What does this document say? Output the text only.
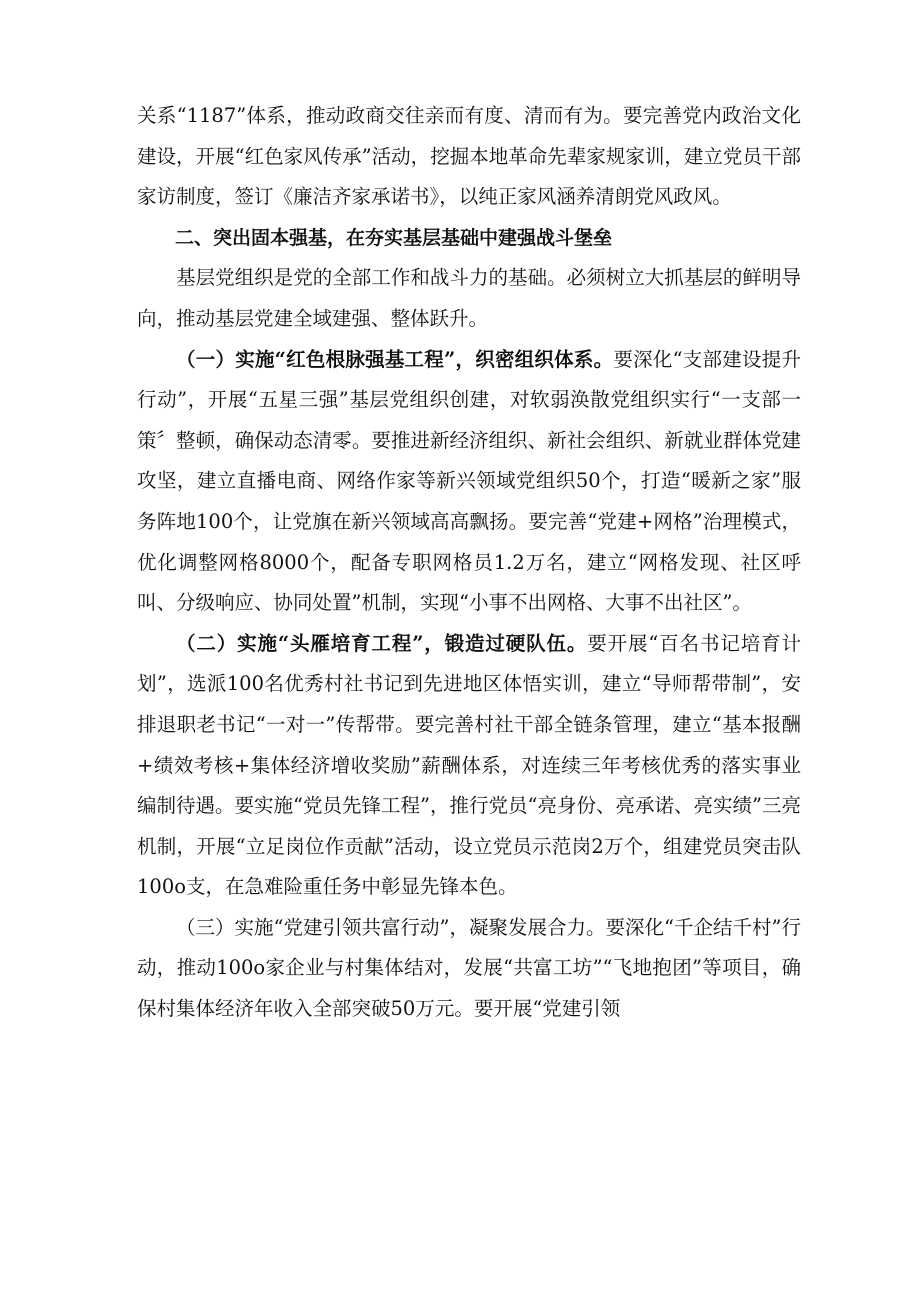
关系“1187”体系，推动政商交往亲而有度、清而有为。要完善党内政治文化建设，开展“红色家风传承”活动，挖掘本地革命先辈家规家训，建立党员干部家访制度，签订《廉洁齐家承诺书》，以纯正家风涵养清朗党风政风。

二、突出固本强基，在夯实基层基础中建强战斗堡垒

基层党组织是党的全部工作和战斗力的基础。必须树立大抓基层的鲜明导向，推动基层党建全域建强、整体跃升。

（一）实施“红色根脉强基工程”，织密组织体系。要深化“支部建设提升行动”，开展“五星三强”基层党组织创建，对软弱涣散党组织实行“一支部一策〞整顿，确保动态清零。要推进新经济组织、新社会组织、新就业群体党建攻坚，建立直播电商、网络作家等新兴领域党组织50个，打造“暖新之家”服务阵地100个，让党旗在新兴领域高高飘扬。要完善“党建+网格”治理模式，优化调整网格8000个，配备专职网格员1.2万名，建立“网格发现、社区呼叫、分级响应、协同处置”机制，实现“小事不出网格、大事不出社区”。

（二）实施“头雁培育工程”，锻造过硬队伍。要开展“百名书记培育计划”，选派100名优秀村社书记到先进地区体悟实训，建立“导师帮带制”，安排退职老书记“一对一”传帮带。要完善村社干部全链条管理，建立“基本报酬+绩效考核+集体经济增收奖励”薪酬体系，对连续三年考核优秀的落实事业编制待遇。要实施“党员先锋工程”，推行党员“亮身份、亮承诺、亮实绩”三亮机制，开展“立足岗位作贡献”活动，设立党员示范岗2万个，组建党员突击队100o支，在急难险重任务中彰显先锋本色。

（三）实施“党建引领共富行动”，凝聚发展合力。要深化“千企结千村”行动，推动100o家企业与村集体结对，发展“共富工坊”“飞地抱团”等项目，确保村集体经济年收入全部突破50万元。要开展“党建引领
